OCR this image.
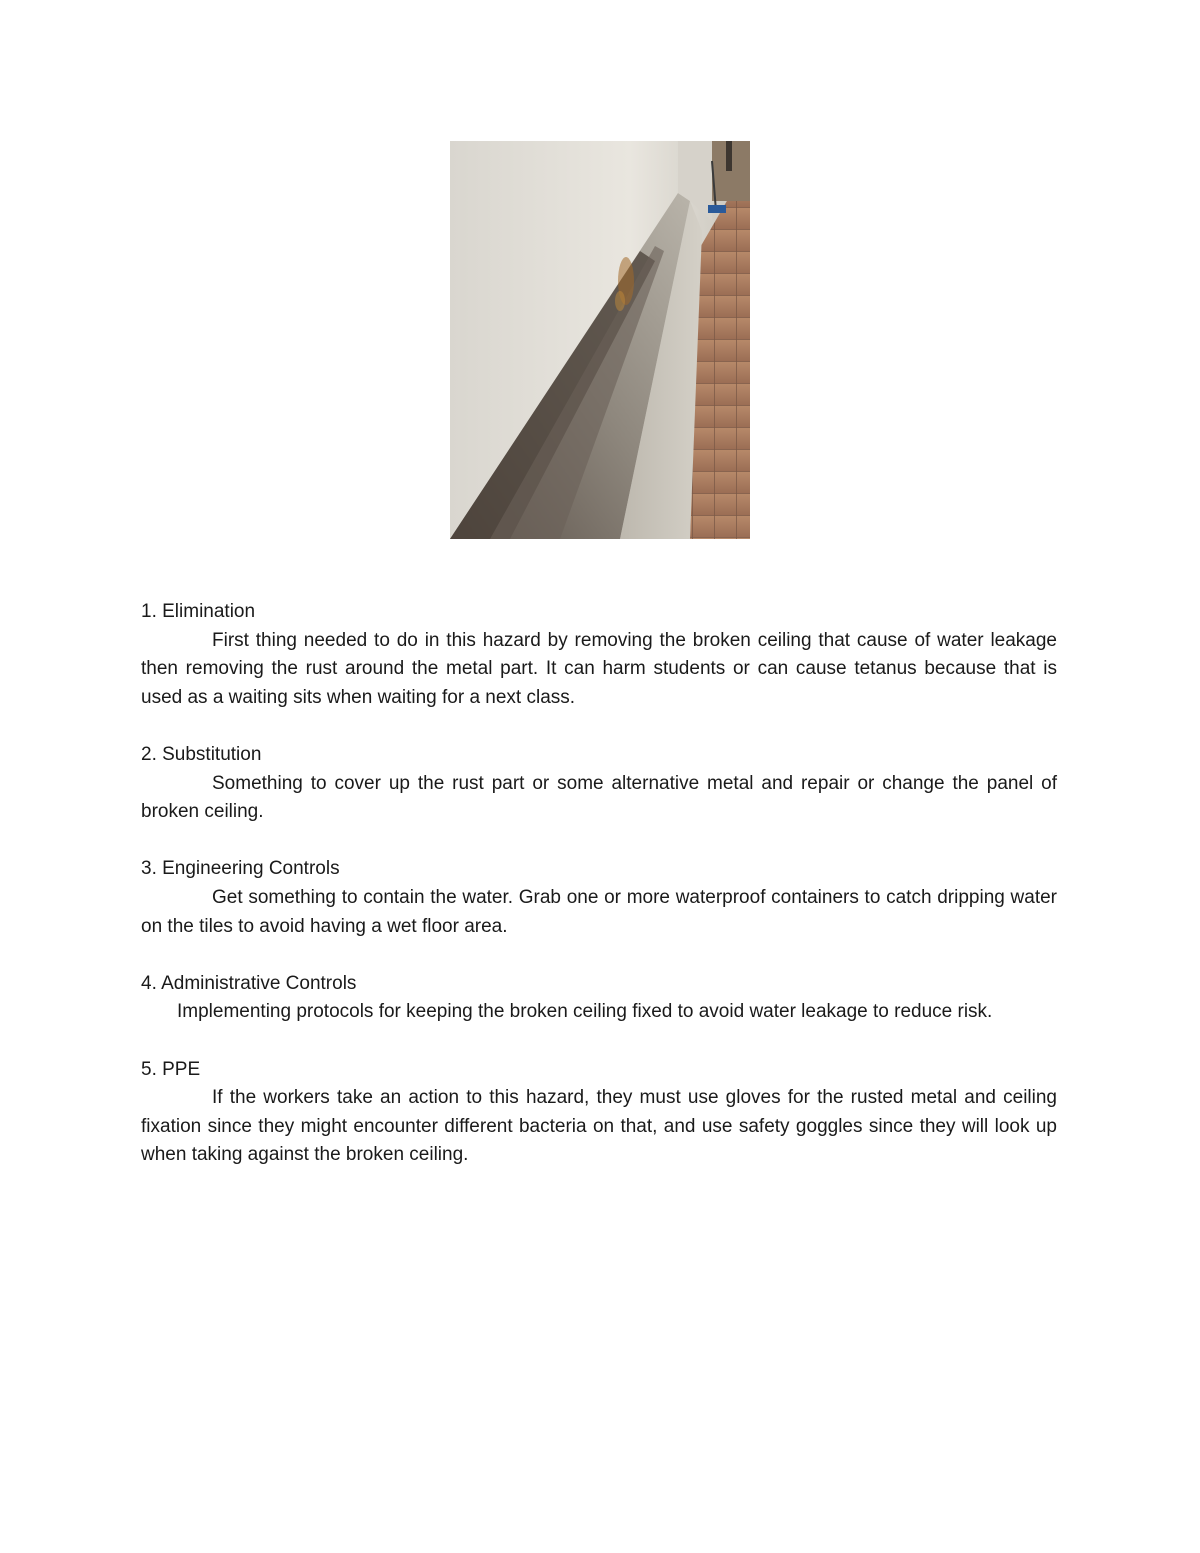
1. Elimination
First thing needed to do in this hazard by removing the broken ceiling that cause of water leakage then removing the rust around the metal part. It can harm students or can cause tetanus because that is used as a waiting sits when waiting for a next class.
2. Substitution
Something to cover up the rust part or some alternative metal and repair or change the panel of broken ceiling.
3. Engineering Controls
Get something to contain the water. Grab one or more waterproof containers to catch dripping water on the tiles to avoid having a wet floor area.
4. Administrative Controls
Implementing protocols for keeping the broken ceiling fixed to avoid water leakage to reduce risk.
5. PPE
If the workers take an action to this hazard, they must use gloves for the rusted metal and ceiling fixation since they might encounter different bacteria on that, and use safety goggles since they will look up when taking against the broken ceiling.
